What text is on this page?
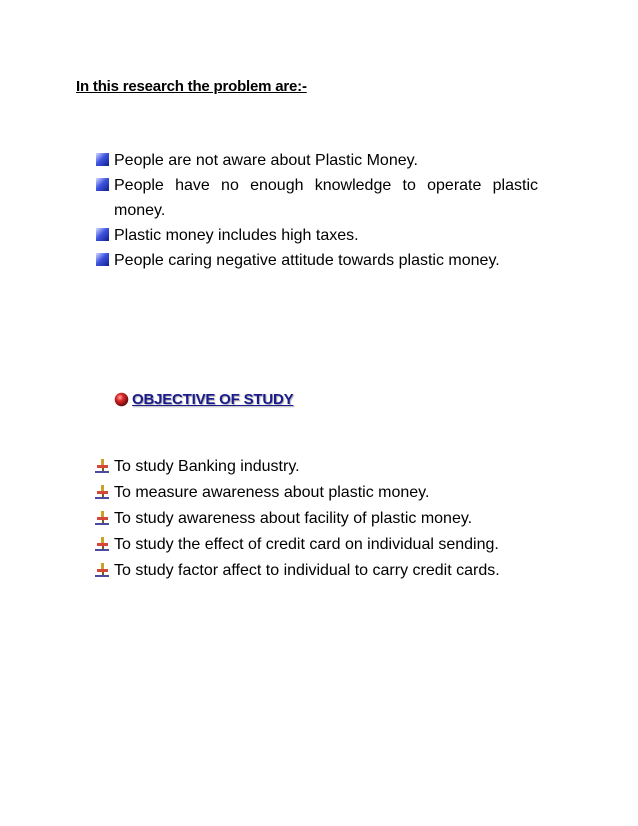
In this research the problem are:-
People are not aware about Plastic Money.
People have no enough knowledge to operate plastic money.
Plastic money includes high taxes.
People caring negative attitude towards plastic money.
OBJECTIVE OF STUDY
To study Banking industry.
To measure awareness about plastic money.
To study awareness about facility of plastic money.
To study the effect of credit card on individual sending.
To study factor affect to individual to carry credit cards.
